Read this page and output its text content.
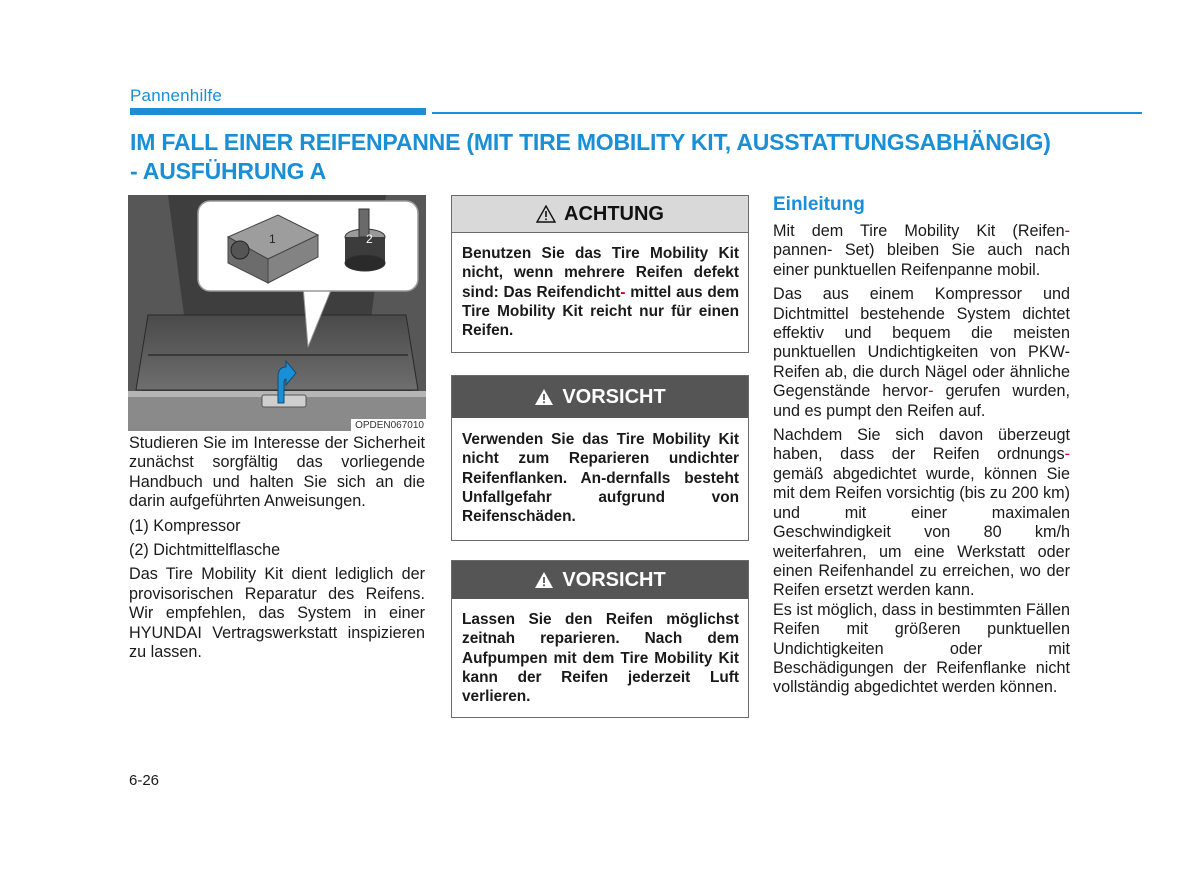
Pannenhilfe
IM FALL EINER REIFENPANNE (MIT TIRE MOBILITY KIT, AUSSTATTUNGSABHÄNGIG)
- AUSFÜHRUNG A
1	2
OPDEN067010

Studieren Sie im Interesse der Sicherheit zunächst sorgfältig das vorliegende Handbuch und halten Sie sich an die darin aufgeführten Anweisungen.

(1) Kompressor

(2) Dichtmittelflasche

Das Tire Mobility Kit dient lediglich der provisorischen Reparatur des Reifens. Wir empfehlen, das System in einer HYUNDAI Vertragswerkstatt inspizieren zu lassen.

ACHTUNG
Benutzen Sie das Tire Mobility Kit nicht, wenn mehrere Reifen defekt sind: Das Reifendicht- mittel aus dem Tire Mobility Kit reicht nur für einen Reifen.
VORSICHT
Verwenden Sie das Tire Mobility Kit nicht zum Reparieren undichter Reifenflanken. An-dernfalls besteht Unfallgefahr aufgrund von Reifenschäden.
VORSICHT
Lassen Sie den Reifen möglichst zeitnah reparieren. Nach dem Aufpumpen mit dem Tire Mobility Kit kann der Reifen jederzeit Luft verlieren.
Einleitung

Mit dem Tire Mobility Kit (Reifen- pannen- Set) bleiben Sie auch nach einer punktuellen Reifenpanne mobil.

Das aus einem Kompressor und Dichtmittel bestehende System dichtet effektiv und bequem die meisten punktuellen Undichtigkeiten von PKW-Reifen ab, die durch Nägel oder ähnliche Gegenstände hervor- gerufen wurden, und es pumpt den Reifen auf.

Nachdem Sie sich davon überzeugt haben, dass der Reifen ordnungs- gemäß abgedichtet wurde, können Sie mit dem Reifen vorsichtig (bis zu 200 km) und mit einer maximalen Geschwindigkeit von 80 km/h weiterfahren, um eine Werkstatt oder einen Reifenhandel zu erreichen, wo der Reifen ersetzt werden kann.

Es ist möglich, dass in bestimmten Fällen Reifen mit größeren punktuellen Undichtigkeiten oder mit Beschädigungen der Reifenflanke nicht vollständig abgedichtet werden können.

6-26
